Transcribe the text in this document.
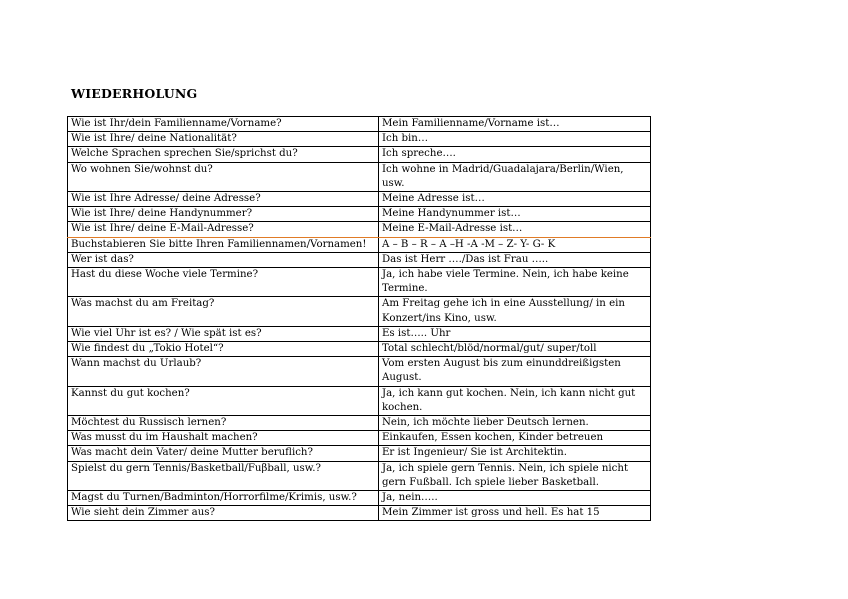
WIEDERHOLUNG
Wie ist Ihr/dein Familienname/Vorname?	Mein Familienname/Vorname ist…
Wie ist Ihre/ deine Nationalität?	Ich bin…
Welche Sprachen sprechen Sie/sprichst du?	Ich spreche….
Wo wohnen Sie/wohnst du?	Ich wohne in Madrid/Guadalajara/Berlin/Wien, usw.
Wie ist Ihre Adresse/ deine Adresse?	Meine Adresse ist…
Wie ist Ihre/ deine Handynummer?	Meine Handynummer ist…
Wie ist Ihre/ deine E-Mail-Adresse?	Meine E-Mail-Adresse ist…
Buchstabieren Sie bitte Ihren Familiennamen/Vornamen!	A – B – R – A –H -A -M – Z- Y- G- K
Wer ist das?	Das ist Herr …./Das ist Frau …..
Hast du diese Woche viele Termine?	Ja, ich habe viele Termine. Nein, ich habe keine Termine.
Was machst du am Freitag?	Am Freitag gehe ich in eine Ausstellung/ in ein Konzert/ins Kino, usw.
Wie viel Uhr ist es? / Wie spät ist es?	Es ist….. Uhr
Wie findest du „Tokio Hotel“?	Total schlecht/blöd/normal/gut/ super/toll
Wann machst du Urlaub?	Vom ersten August bis zum einunddreißigsten August.
Kannst du gut kochen?	Ja, ich kann gut kochen. Nein, ich kann nicht gut kochen.
Möchtest du Russisch lernen?	Nein, ich möchte lieber Deutsch lernen.
Was musst du im Haushalt machen?	Einkaufen, Essen kochen, Kinder betreuen
Was macht dein Vater/ deine Mutter beruflich?	Er ist Ingenieur/ Sie ist Architektin.
Spielst du gern Tennis/Basketball/Fuβball, usw.?	Ja, ich spiele gern Tennis. Nein, ich spiele nicht gern Fußball. Ich spiele lieber Basketball.
Magst du Turnen/Badminton/Horrorfilme/Krimis, usw.?	Ja, nein…..
Wie sieht dein Zimmer aus?	Mein Zimmer ist gross und hell. Es hat 15
